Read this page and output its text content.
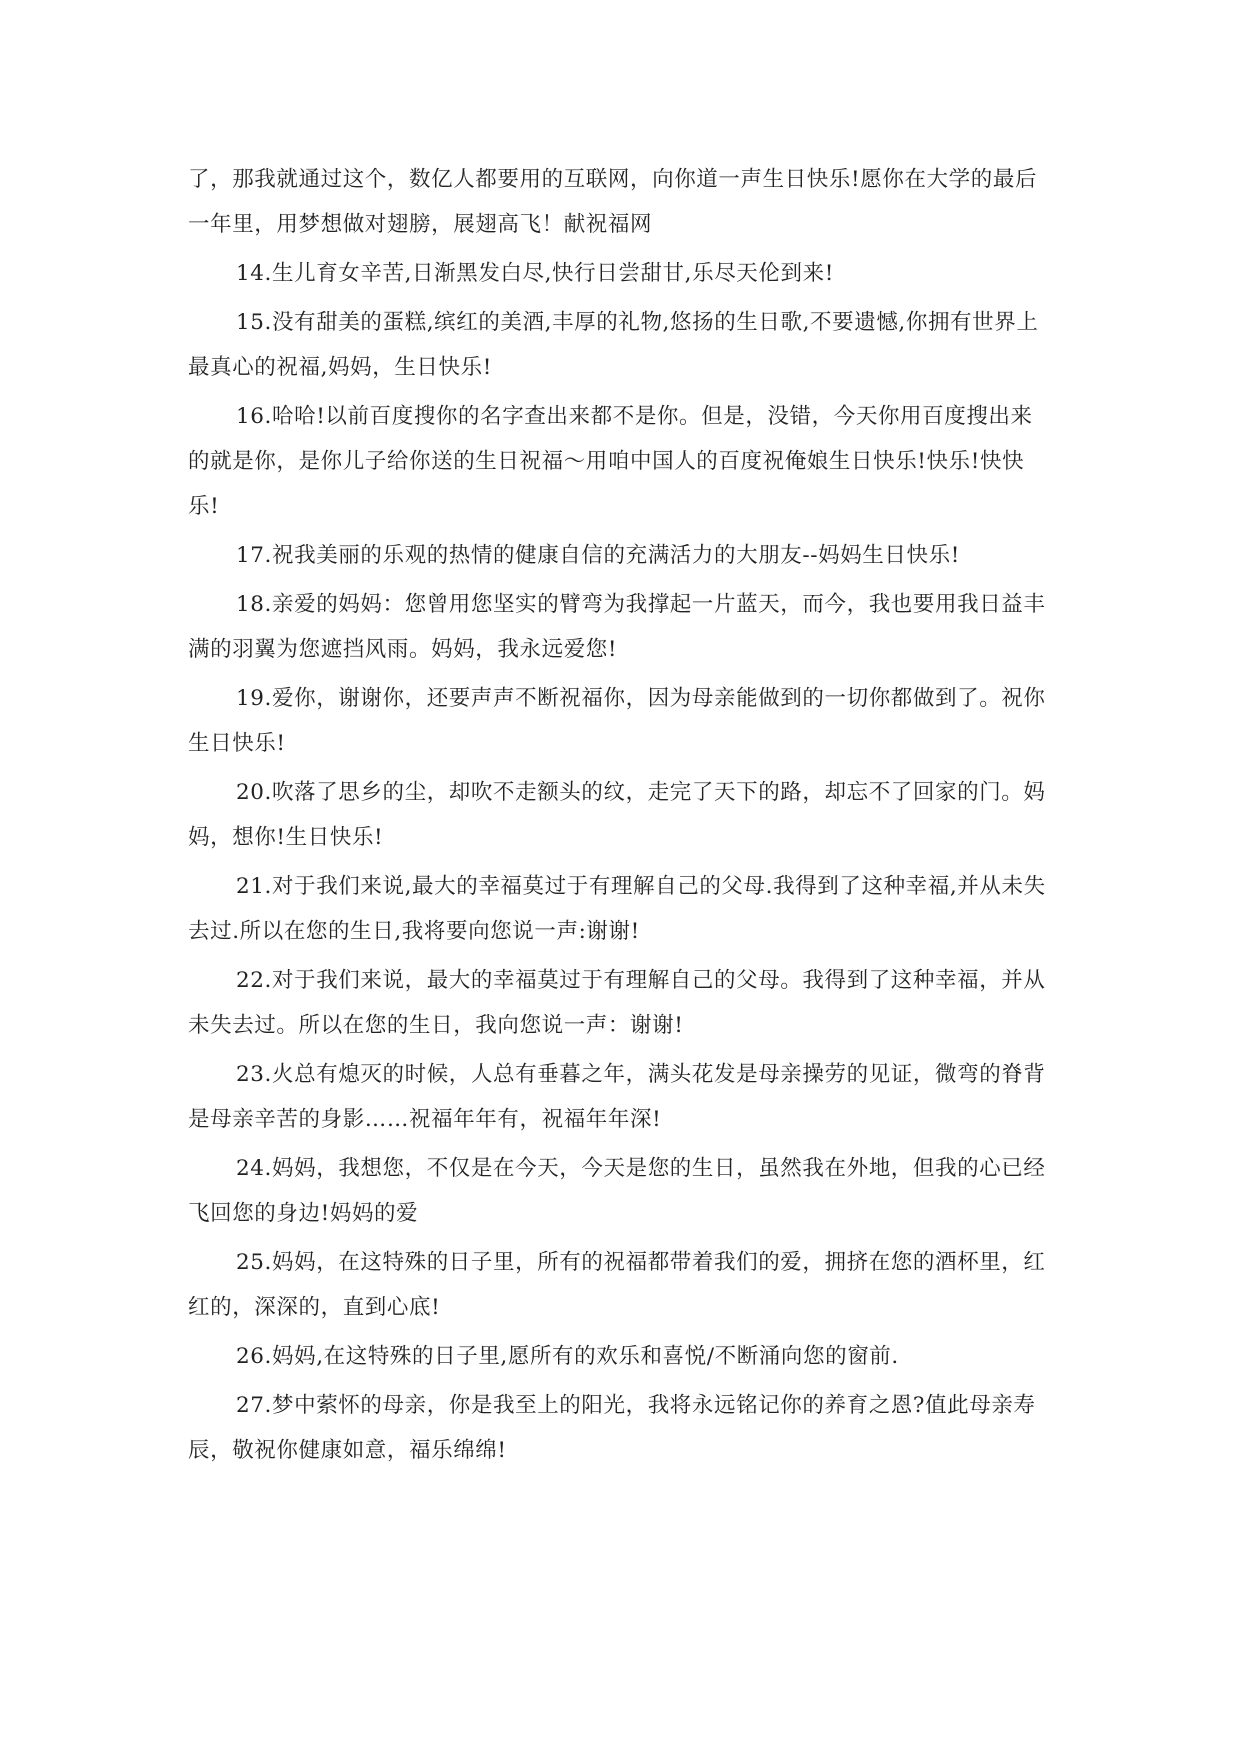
了，那我就通过这个，数亿人都要用的互联网，向你道一声生日快乐!愿你在大学的最后一年里，用梦想做对翅膀，展翅高飞！献祝福网

14.生儿育女辛苦,日渐黑发白尽,快行日尝甜甘,乐尽天伦到来!

15.没有甜美的蛋糕,缤红的美酒,丰厚的礼物,悠扬的生日歌,不要遗憾,你拥有世界上最真心的祝福,妈妈，生日快乐!

16.哈哈!以前百度搜你的名字查出来都不是你。但是，没错，今天你用百度搜出来的就是你，是你儿子给你送的生日祝福～用咱中国人的百度祝俺娘生日快乐!快乐!快快乐!

17.祝我美丽的乐观的热情的健康自信的充满活力的大朋友--妈妈生日快乐!

18.亲爱的妈妈：您曾用您坚实的臂弯为我撑起一片蓝天，而今，我也要用我日益丰满的羽翼为您遮挡风雨。妈妈，我永远爱您!

19.爱你，谢谢你，还要声声不断祝福你，因为母亲能做到的一切你都做到了。祝你生日快乐!

20.吹落了思乡的尘，却吹不走额头的纹，走完了天下的路，却忘不了回家的门。妈妈，想你!生日快乐!

21.对于我们来说,最大的幸福莫过于有理解自己的父母.我得到了这种幸福,并从未失去过.所以在您的生日,我将要向您说一声:谢谢!

22.对于我们来说，最大的幸福莫过于有理解自己的父母。我得到了这种幸福，并从未失去过。所以在您的生日，我向您说一声：谢谢!

23.火总有熄灭的时候，人总有垂暮之年，满头花发是母亲操劳的见证，微弯的脊背是母亲辛苦的身影……祝福年年有，祝福年年深!

24.妈妈，我想您，不仅是在今天，今天是您的生日，虽然我在外地，但我的心已经飞回您的身边!妈妈的爱

25.妈妈，在这特殊的日子里，所有的祝福都带着我们的爱，拥挤在您的酒杯里，红红的，深深的，直到心底!

26.妈妈,在这特殊的日子里,愿所有的欢乐和喜悦/不断涌向您的窗前.

27.梦中萦怀的母亲，你是我至上的阳光，我将永远铭记你的养育之恩?值此母亲寿辰，敬祝你健康如意，福乐绵绵!
